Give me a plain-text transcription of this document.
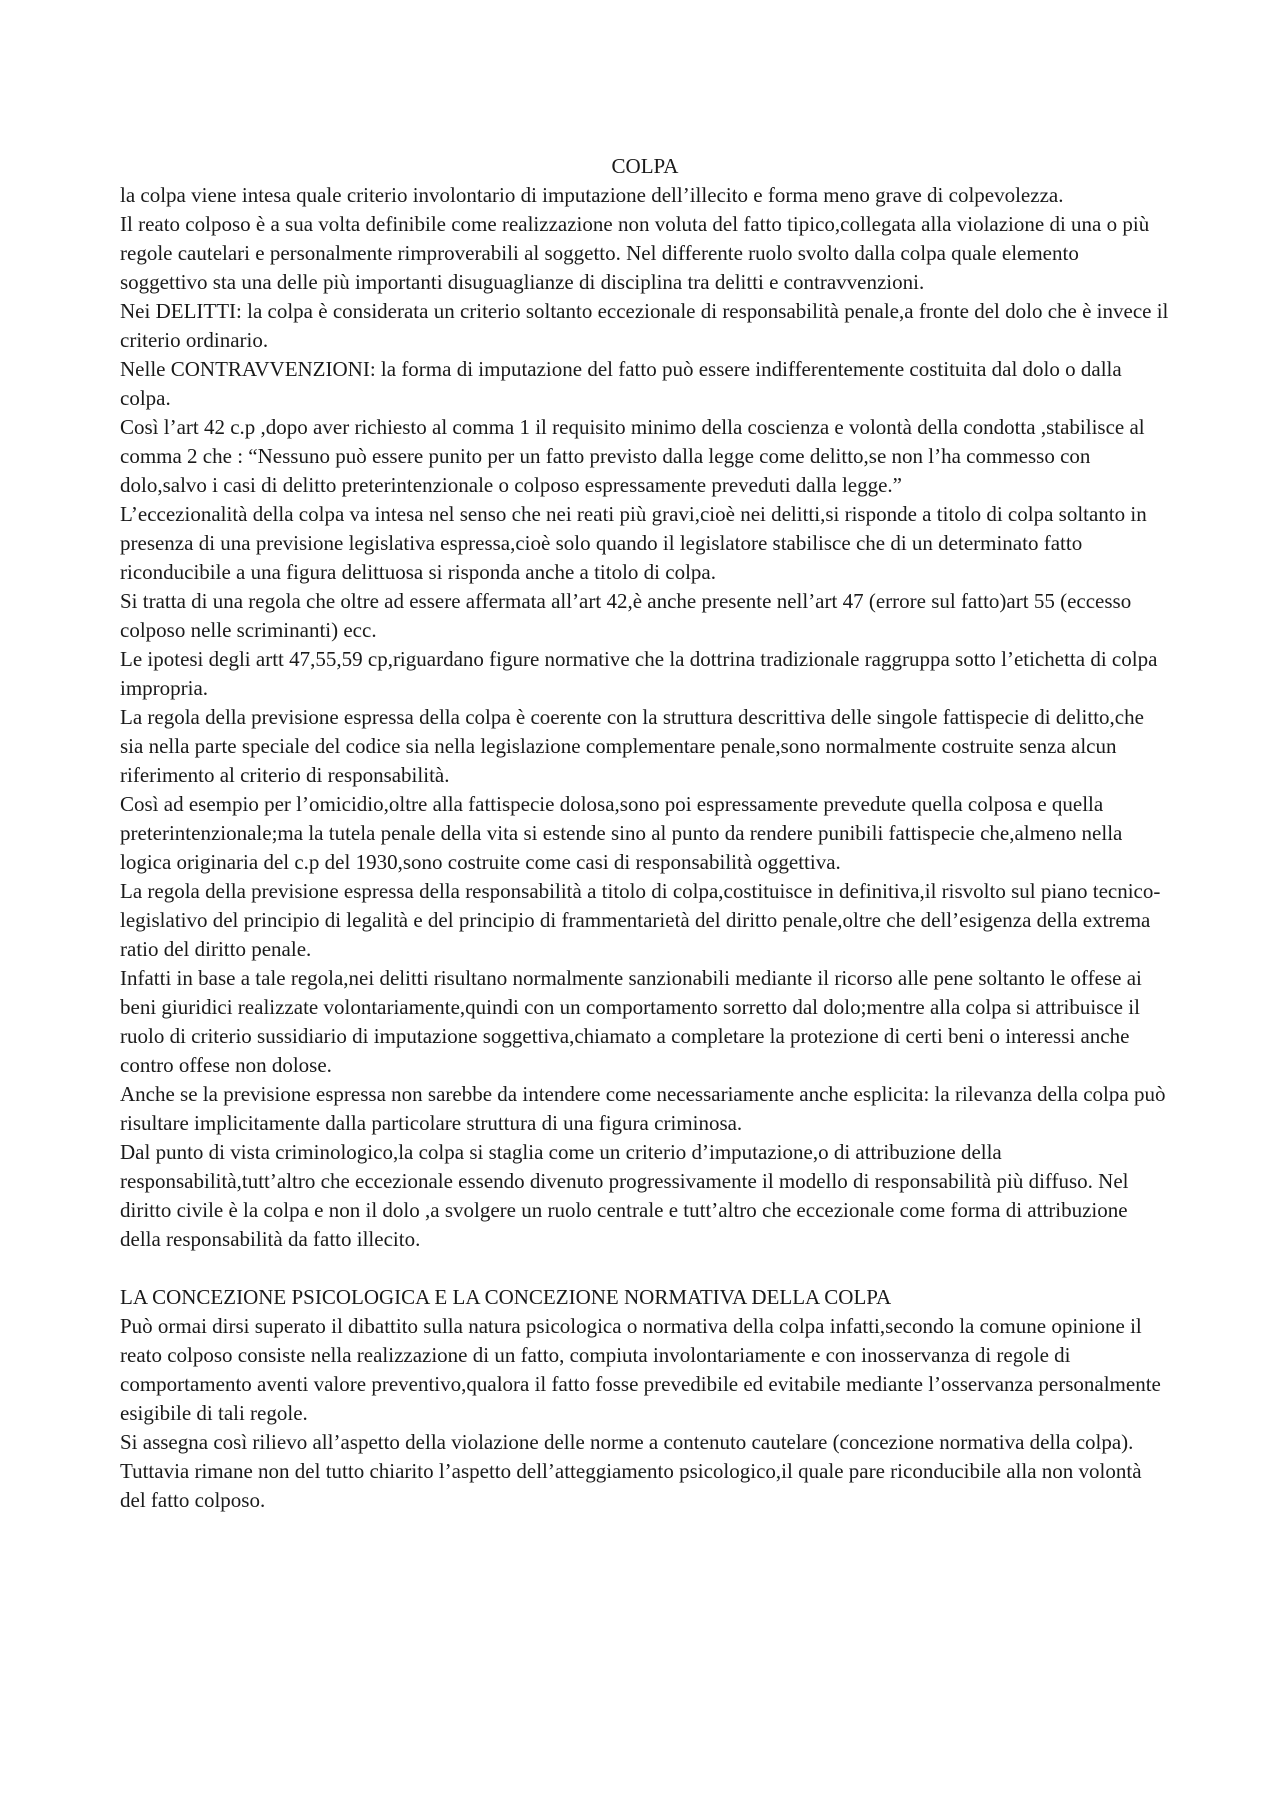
COLPA

la colpa viene intesa quale criterio involontario di imputazione dell’illecito e forma meno grave di colpevolezza.

Il reato colposo è a sua volta definibile come realizzazione non voluta del fatto tipico,collegata alla violazione di una o più regole cautelari e personalmente rimproverabili al soggetto. Nel differente ruolo svolto dalla colpa quale elemento soggettivo sta una delle più importanti disuguaglianze di disciplina tra delitti e contravvenzioni.

Nei DELITTI: la colpa è considerata un criterio soltanto eccezionale di responsabilità penale,a fronte del dolo che è invece il criterio ordinario.

Nelle CONTRAVVENZIONI: la forma di imputazione del fatto può essere indifferentemente costituita dal dolo o dalla colpa.

Così l’art 42 c.p ,dopo aver richiesto al comma 1 il requisito minimo della coscienza e volontà della condotta ,stabilisce al comma 2 che : “Nessuno può essere punito per un fatto previsto dalla legge come delitto,se non l’ha commesso con dolo,salvo i casi di delitto preterintenzionale o colposo espressamente preveduti dalla legge.”

L’eccezionalità della colpa va intesa nel senso che nei reati più gravi,cioè nei delitti,si risponde a titolo di colpa soltanto in presenza di una previsione legislativa espressa,cioè solo quando il legislatore stabilisce che di un determinato fatto riconducibile a una figura delittuosa si risponda anche a titolo di colpa.

Si tratta di una regola che oltre ad essere affermata all’art 42,è anche presente nell’art 47 (errore sul fatto)art 55 (eccesso colposo nelle scriminanti) ecc.

Le ipotesi degli artt 47,55,59 cp,riguardano figure normative che la dottrina tradizionale raggruppa sotto l’etichetta di colpa impropria.

La regola della previsione espressa della colpa è coerente con la struttura descrittiva delle singole fattispecie di delitto,che sia nella parte speciale del codice sia nella legislazione complementare penale,sono normalmente costruite senza alcun riferimento al criterio di responsabilità.

Così ad esempio per l’omicidio,oltre alla fattispecie dolosa,sono poi espressamente prevedute quella colposa e quella preterintenzionale;ma la tutela penale della vita si estende sino al punto da rendere punibili fattispecie che,almeno nella logica originaria del c.p del 1930,sono costruite come casi di responsabilità oggettiva.

La regola della previsione espressa della responsabilità a titolo di colpa,costituisce in definitiva,il risvolto sul piano tecnico-legislativo del principio di legalità e del principio di frammentarietà del diritto penale,oltre che dell’esigenza della extrema ratio del diritto penale.

Infatti in base a tale regola,nei delitti risultano normalmente sanzionabili mediante il ricorso alle pene soltanto le offese ai beni giuridici realizzate volontariamente,quindi con un comportamento sorretto dal dolo;mentre alla colpa si attribuisce il ruolo di criterio sussidiario di imputazione soggettiva,chiamato a completare la protezione di certi beni o interessi anche contro offese non dolose.

Anche se la previsione espressa non sarebbe da intendere come necessariamente anche esplicita: la rilevanza della colpa può risultare implicitamente dalla particolare struttura di una figura criminosa.

Dal punto di vista criminologico,la colpa si staglia come un criterio d’imputazione,o di attribuzione della responsabilità,tutt’altro che eccezionale essendo divenuto progressivamente il modello di responsabilità più diffuso. Nel diritto civile è la colpa e non il dolo ,a svolgere un ruolo centrale e tutt’altro che eccezionale come forma di attribuzione della responsabilità da fatto illecito.

LA CONCEZIONE PSICOLOGICA E LA CONCEZIONE NORMATIVA DELLA COLPA

Può ormai dirsi superato il dibattito sulla natura psicologica o normativa della colpa infatti,secondo la comune opinione il reato colposo consiste nella realizzazione di un fatto, compiuta involontariamente e con inosservanza di regole di comportamento aventi valore preventivo,qualora il fatto fosse prevedibile ed evitabile mediante l’osservanza personalmente esigibile di tali regole.

Si assegna così rilievo all’aspetto della violazione delle norme a contenuto cautelare (concezione normativa della colpa). Tuttavia rimane non del tutto chiarito l’aspetto dell’atteggiamento psicologico,il quale pare riconducibile alla non volontà del fatto colposo.
